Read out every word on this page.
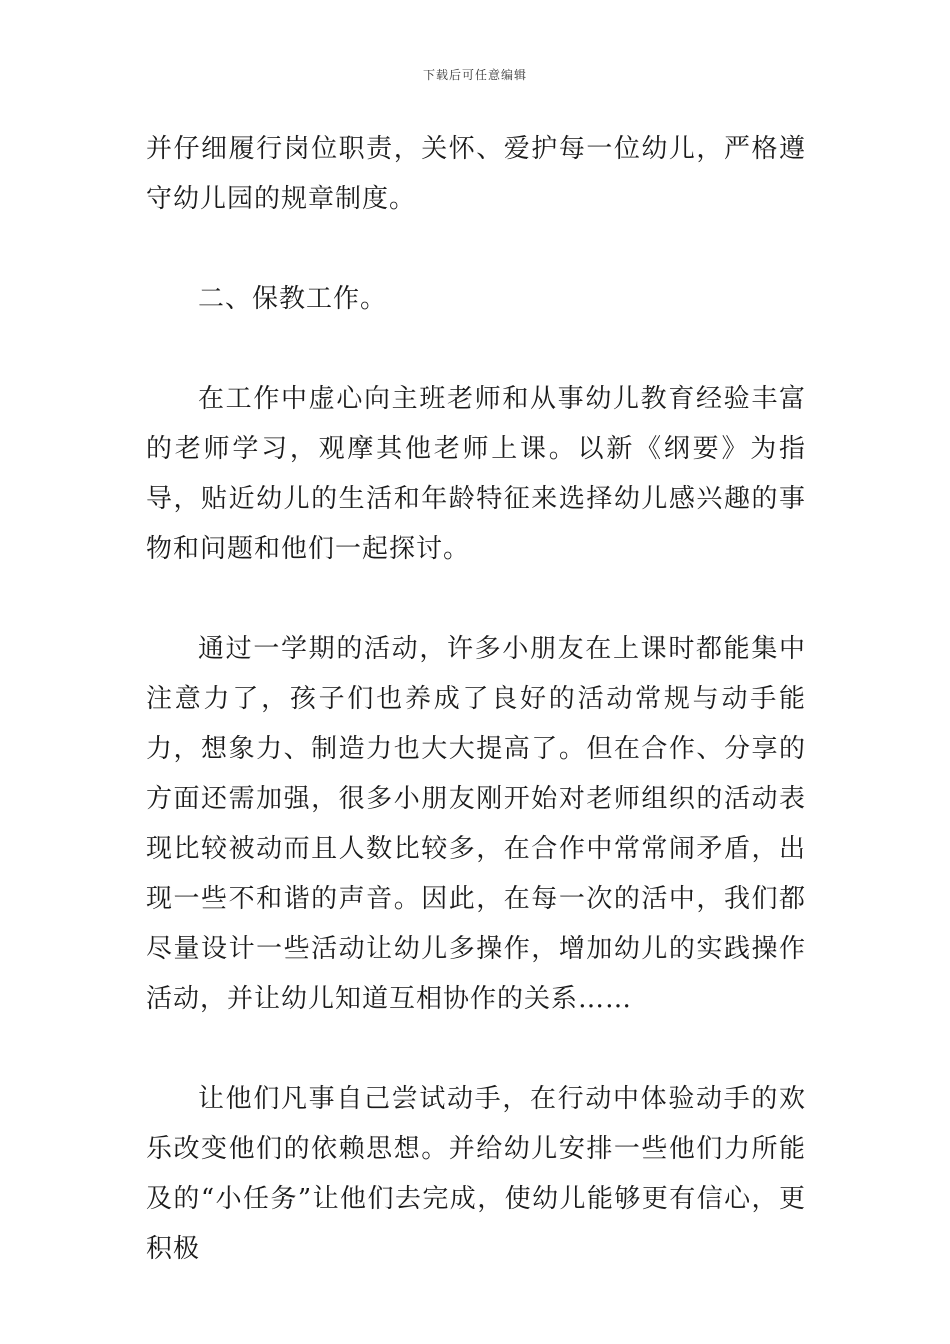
下载后可任意编辑

并仔细履行岗位职责，关怀、爱护每一位幼儿，严格遵守幼儿园的规章制度。

二、保教工作。

在工作中虚心向主班老师和从事幼儿教育经验丰富的老师学习，观摩其他老师上课。以新《纲要》为指导，贴近幼儿的生活和年龄特征来选择幼儿感兴趣的事物和问题和他们一起探讨。

通过一学期的活动，许多小朋友在上课时都能集中注意力了，孩子们也养成了良好的活动常规与动手能力，想象力、制造力也大大提高了。但在合作、分享的方面还需加强，很多小朋友刚开始对老师组织的活动表现比较被动而且人数比较多，在合作中常常闹矛盾，出现一些不和谐的声音。因此，在每一次的活中，我们都尽量设计一些活动让幼儿多操作，增加幼儿的实践操作活动，并让幼儿知道互相协作的关系……

让他们凡事自己尝试动手，在行动中体验动手的欢乐改变他们的依赖思想。并给幼儿安排一些他们力所能及的“小任务”让他们去完成，使幼儿能够更有信心，更积极
